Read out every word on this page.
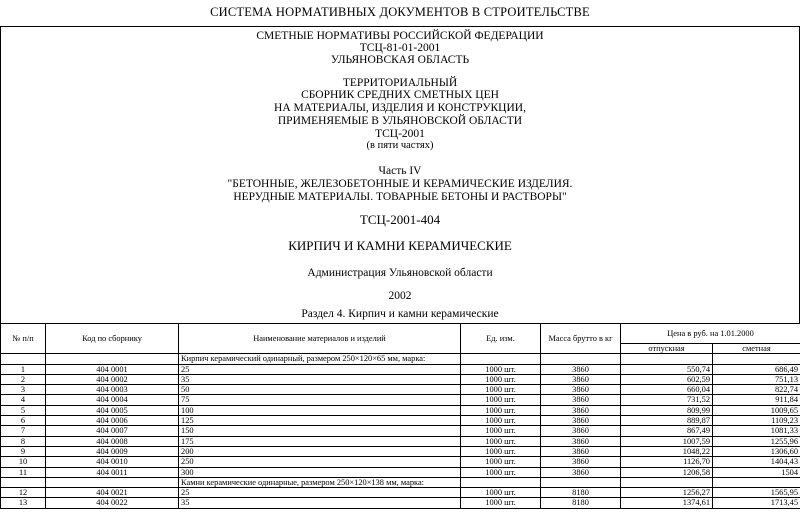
СИСТЕМА НОРМАТИВНЫХ ДОКУМЕНТОВ В СТРОИТЕЛЬСТВЕ
СМЕТНЫЕ НОРМАТИВЫ РОССИЙСКОЙ ФЕДЕРАЦИИ
ТСЦ-81-01-2001
УЛЬЯНОВСКАЯ ОБЛАСТЬ
ТЕРРИТОРИАЛЬНЫЙ
СБОРНИК СРЕДНИХ СМЕТНЫХ ЦЕН
НА МАТЕРИАЛЫ, ИЗДЕЛИЯ И КОНСТРУКЦИИ,
ПРИМЕНЯЕМЫЕ В УЛЬЯНОВСКОЙ ОБЛАСТИ
ТСЦ-2001
(в пяти частях)
Часть IV
"БЕТОННЫЕ, ЖЕЛЕЗОБЕТОННЫЕ И КЕРАМИЧЕСКИЕ ИЗДЕЛИЯ.
НЕРУДНЫЕ МАТЕРИАЛЫ. ТОВАРНЫЕ БЕТОНЫ И РАСТВОРЫ"
ТСЦ-2001-404
КИРПИЧ И КАМНИ КЕРАМИЧЕСКИЕ
Администрация Ульяновской области
2002
Раздел 4. Кирпич и камни керамические
№ п/п	Код по сборнику	Наименование материалов и изделий	Ед. изм.	Масса брутто в кг	Цена в руб. на 1.01.2000	
					отпускная	сметная
		Кирпич керамический одинарный, размером 250×120×65 мм, марка:				
1	404 0001	25	1000 шт.	3860	550,74	686,49
2	404 0002	35	1000 шт.	3860	602,59	751,13
3	404 0003	50	1000 шт.	3860	660,04	822,74
4	404 0004	75	1000 шт.	3860	731,52	911,84
5	404 0005	100	1000 шт.	3860	809,99	1009,65
6	404 0006	125	1000 шт.	3860	889,87	1109,23
7	404 0007	150	1000 шт.	3860	867,49	1081,33
8	404 0008	175	1000 шт.	3860	1007,59	1255,96
9	404 0009	200	1000 шт.	3860	1048,22	1306,60
10	404 0010	250	1000 шт.	3860	1126,70	1404,43
11	404 0011	300	1000 шт.	3860	1206,58	1504
		Камни керамические одинарные, размером 250×120×138 мм, марка:				
12	404 0021	25	1000 шт.	8180	1256,27	1565,95
13	404 0022	35	1000 шт.	8180	1374,61	1713,45
